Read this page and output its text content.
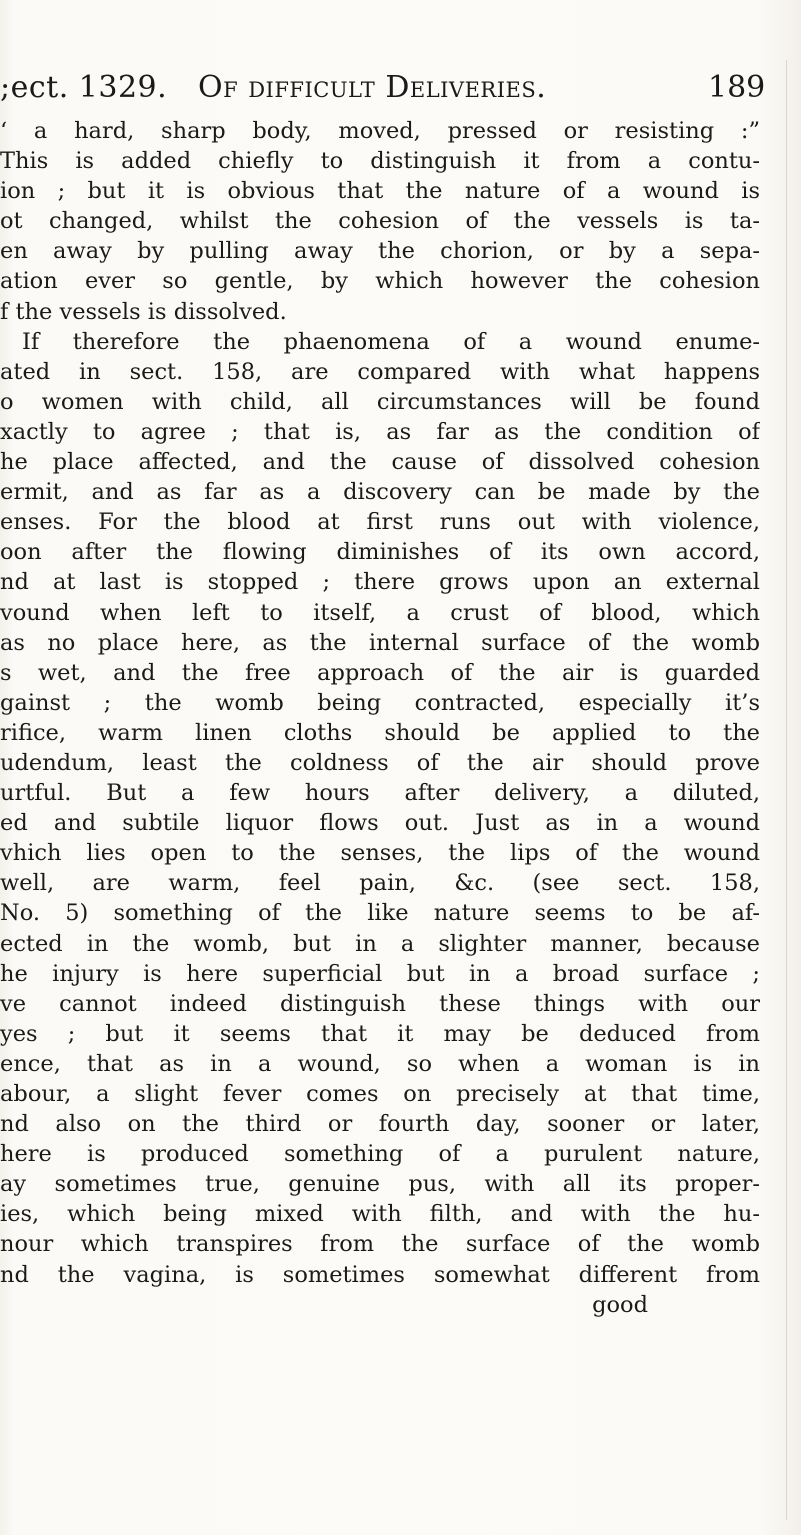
;ect. 1329. Of difficult Deliveries.	189
‘ a hard, sharp body, moved, pressed or resisting :”
This is added chiefly to distinguish it from a contu-
ion ; but it is obvious that the nature of a wound is
ot changed, whilst the cohesion of the vessels is ta-
en away by pulling away the chorion, or by a sepa-
ation ever so gentle, by which however the cohesion
f the vessels is dissolved.
If therefore the phaenomena of a wound enume-
ated in sect. 158, are compared with what happens
o women with child, all circumstances will be found
xactly to agree ; that is, as far as the condition of
he place affected, and the cause of dissolved cohesion
ermit, and as far as a discovery can be made by the
enses. For the blood at first runs out with violence,
oon after the flowing diminishes of its own accord,
nd at last is stopped ; there grows upon an external
vound when left to itself, a crust of blood, which
as no place here, as the internal surface of the womb
s wet, and the free approach of the air is guarded
gainst ; the womb being contracted, especially it’s
rifice, warm linen cloths should be applied to the
udendum, least the coldness of the air should prove
urtful. But a few hours after delivery, a diluted,
ed and subtile liquor flows out. Just as in a wound
vhich lies open to the senses, the lips of the wound
well, are warm, feel pain, &c. (see sect. 158,
No. 5) something of the like nature seems to be af-
ected in the womb, but in a slighter manner, because
he injury is here superficial but in a broad surface ;
ve cannot indeed distinguish these things with our
yes ; but it seems that it may be deduced from
ence, that as in a wound, so when a woman is in
abour, a slight fever comes on precisely at that time,
nd also on the third or fourth day, sooner or later,
here is produced something of a purulent nature,
ay sometimes true, genuine pus, with all its proper-
ies, which being mixed with filth, and with the hu-
nour which transpires from the surface of the womb
nd the vagina, is sometimes somewhat different from
good
